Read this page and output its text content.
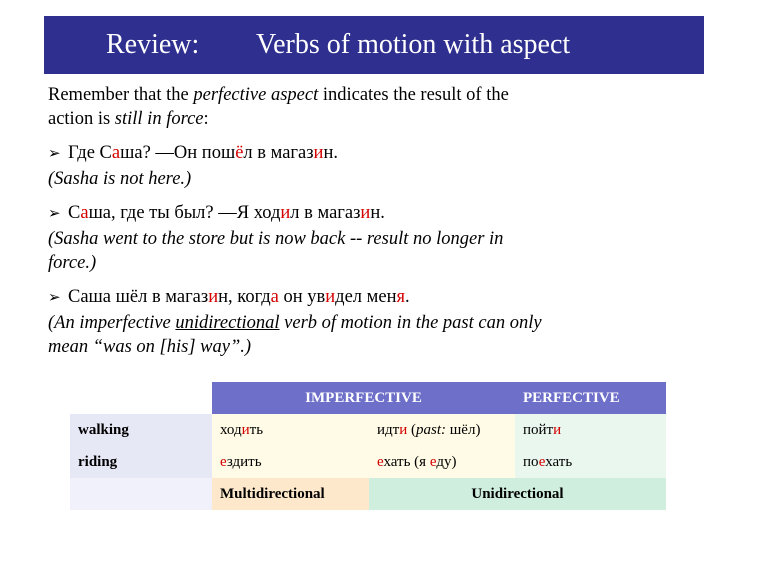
Review:

Verbs of motion with aspect

Remember that the perfective aspect indicates the result of the
action is still in force:
➢ Где Саша? ―Он пошёл в магазин.
(Sasha is not here.)
➢ Саша, где ты был? ―Я ходил в магазин.
(Sasha went to the store but is now back -- result no longer in
force.)
➢ Саша шёл в магазин, когда он увидел меня.
(An imperfective unidirectional verb of motion in the past can only
mean “was on [his] way”.)
IMPERFECTIVE	PERFECTIVE
walking	ходить	идти (past: шёл)	пойти
riding	ездить	ехать (я еду)	поехать
Multidirectional	Unidirectional
